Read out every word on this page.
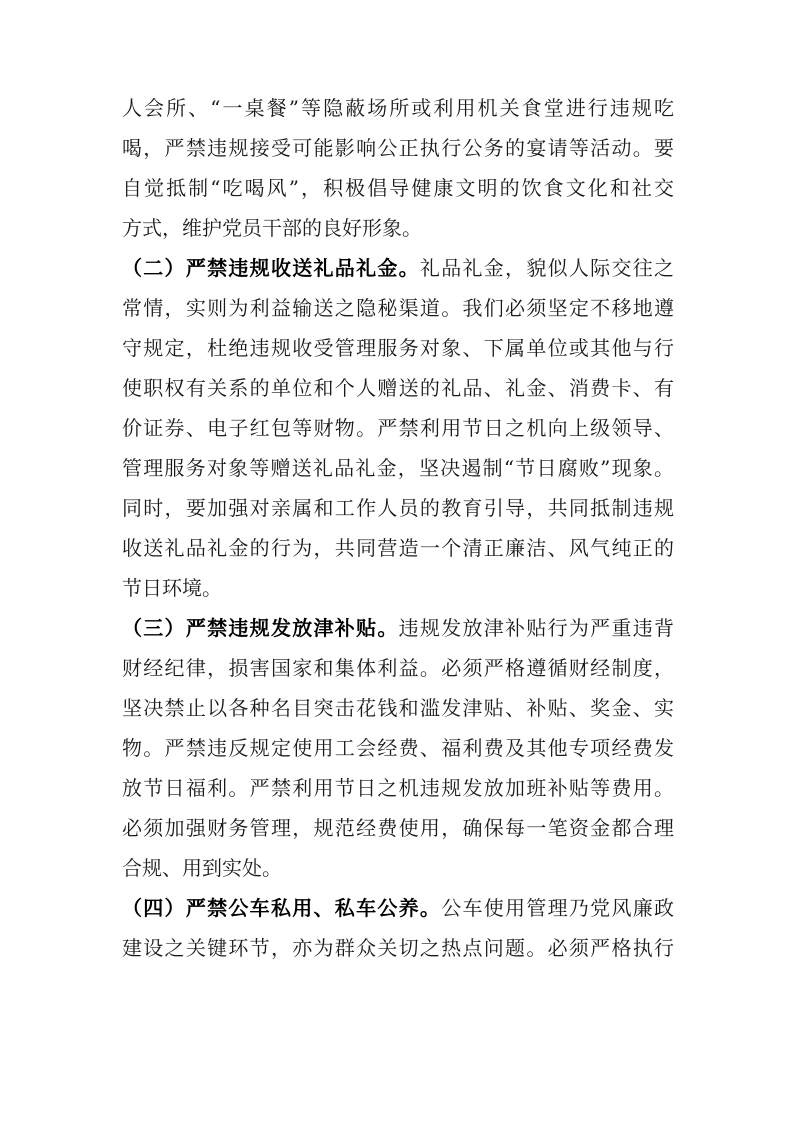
人会所、“一桌餐”等隐蔽场所或利用机关食堂进行违规吃
喝，严禁违规接受可能影响公正执行公务的宴请等活动。要
自觉抵制“吃喝风”，积极倡导健康文明的饮食文化和社交
方式，维护党员干部的良好形象。
（二）严禁违规收送礼品礼金。礼品礼金，貌似人际交往之
常情，实则为利益输送之隐秘渠道。我们必须坚定不移地遵
守规定，杜绝违规收受管理服务对象、下属单位或其他与行
使职权有关系的单位和个人赠送的礼品、礼金、消费卡、有
价证券、电子红包等财物。严禁利用节日之机向上级领导、
管理服务对象等赠送礼品礼金，坚决遏制“节日腐败”现象。
同时，要加强对亲属和工作人员的教育引导，共同抵制违规
收送礼品礼金的行为，共同营造一个清正廉洁、风气纯正的
节日环境。
（三）严禁违规发放津补贴。违规发放津补贴行为严重违背
财经纪律，损害国家和集体利益。必须严格遵循财经制度，
坚决禁止以各种名目突击花钱和滥发津贴、补贴、奖金、实
物。严禁违反规定使用工会经费、福利费及其他专项经费发
放节日福利。严禁利用节日之机违规发放加班补贴等费用。
必须加强财务管理，规范经费使用，确保每一笔资金都合理
合规、用到实处。
（四）严禁公车私用、私车公养。公车使用管理乃党风廉政
建设之关键环节，亦为群众关切之热点问题。必须严格执行
